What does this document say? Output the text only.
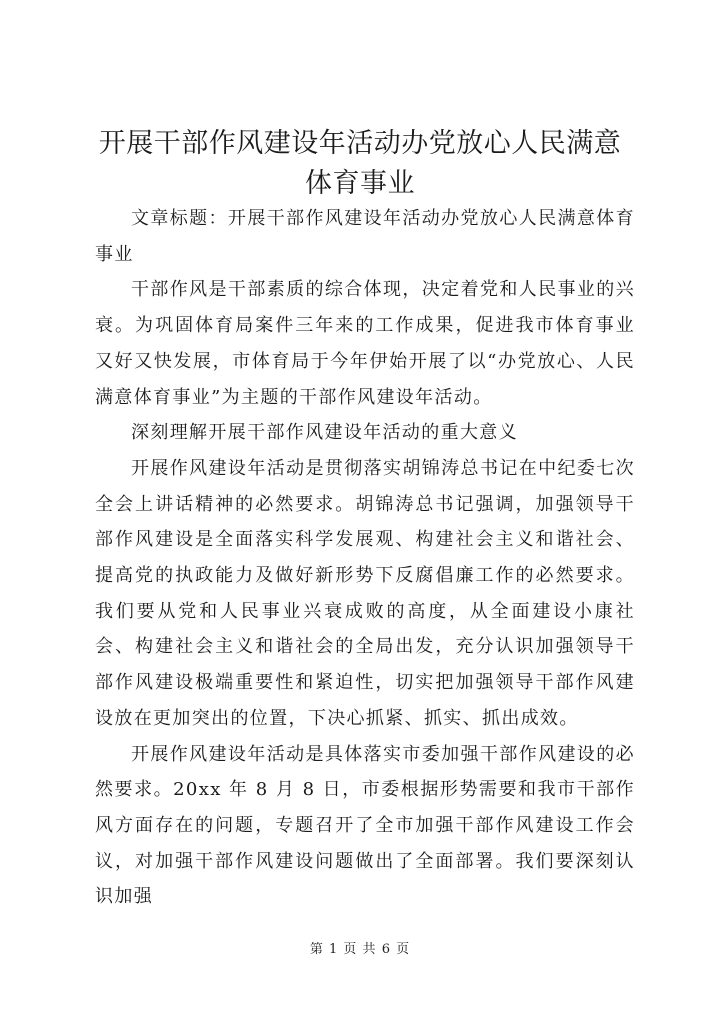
开展干部作风建设年活动办党放心人民满意体育事业

文章标题：开展干部作风建设年活动办党放心人民满意体育事业

干部作风是干部素质的综合体现，决定着党和人民事业的兴衰。为巩固体育局案件三年来的工作成果，促进我市体育事业又好又快发展，市体育局于今年伊始开展了以“办党放心、人民满意体育事业”为主题的干部作风建设年活动。

深刻理解开展干部作风建设年活动的重大意义

开展作风建设年活动是贯彻落实胡锦涛总书记在中纪委七次全会上讲话精神的必然要求。胡锦涛总书记强调，加强领导干部作风建设是全面落实科学发展观、构建社会主义和谐社会、提高党的执政能力及做好新形势下反腐倡廉工作的必然要求。我们要从党和人民事业兴衰成败的高度，从全面建设小康社会、构建社会主义和谐社会的全局出发，充分认识加强领导干部作风建设极端重要性和紧迫性，切实把加强领导干部作风建设放在更加突出的位置，下决心抓紧、抓实、抓出成效。

开展作风建设年活动是具体落实市委加强干部作风建设的必然要求。20xx 年 8 月 8 日，市委根据形势需要和我市干部作风方面存在的问题，专题召开了全市加强干部作风建设工作会议，对加强干部作风建设问题做出了全面部署。我们要深刻认识加强

第 1 页 共 6 页
